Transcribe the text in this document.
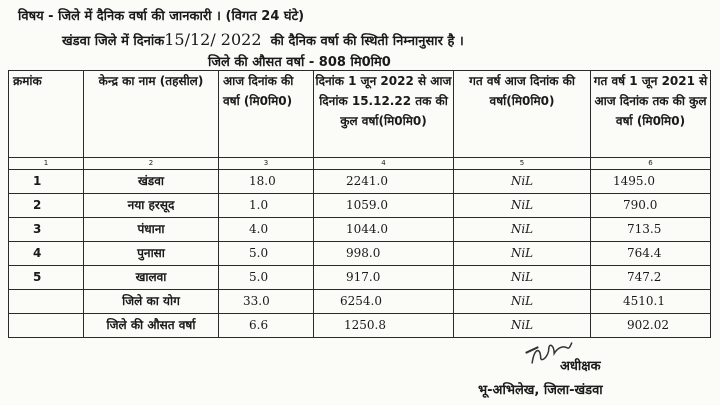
विषय - जिले में दैनिक वर्षा की जानकारी । (विगत 24 घंटे)
खंडवा जिले में दिनांक15/12/ 2022 की दैनिक वर्षा की स्थिती निम्नानुसार है ।
जिले की औसत वर्षा - 808 मि0मि0
क्रमांक	केन्द्र का नाम (तहसील)	आज दिनांक की वर्षा (मि0मि0)	दिनांक 1 जून 2022 से आज दिनांक 15.12.22 तक की कुल वर्षा(मि0मि0)	गत वर्ष आज दिनांक की वर्षा(मि0मि0)	गत वर्ष 1 जून 2021 से आज दिनांक तक की कुल वर्षा (मि0मि0)
1	2	3	4	5	6
1	खंडवा	18.0	2241.0	NiL	1495.0
2	नया हरसूद	1.0	1059.0	NiL	790.0
3	पंधाना	4.0	1044.0	NiL	713.5
4	पुनासा	5.0	998.0	NiL	764.4
5	खालवा	5.0	917.0	NiL	747.2
	जिले का योग	33.0	6254.0	NiL	4510.1
	जिले की औसत वर्षा	6.6	1250.8	NiL	902.02
अधीक्षक
भू-अभिलेख, जिला-खंडवा
